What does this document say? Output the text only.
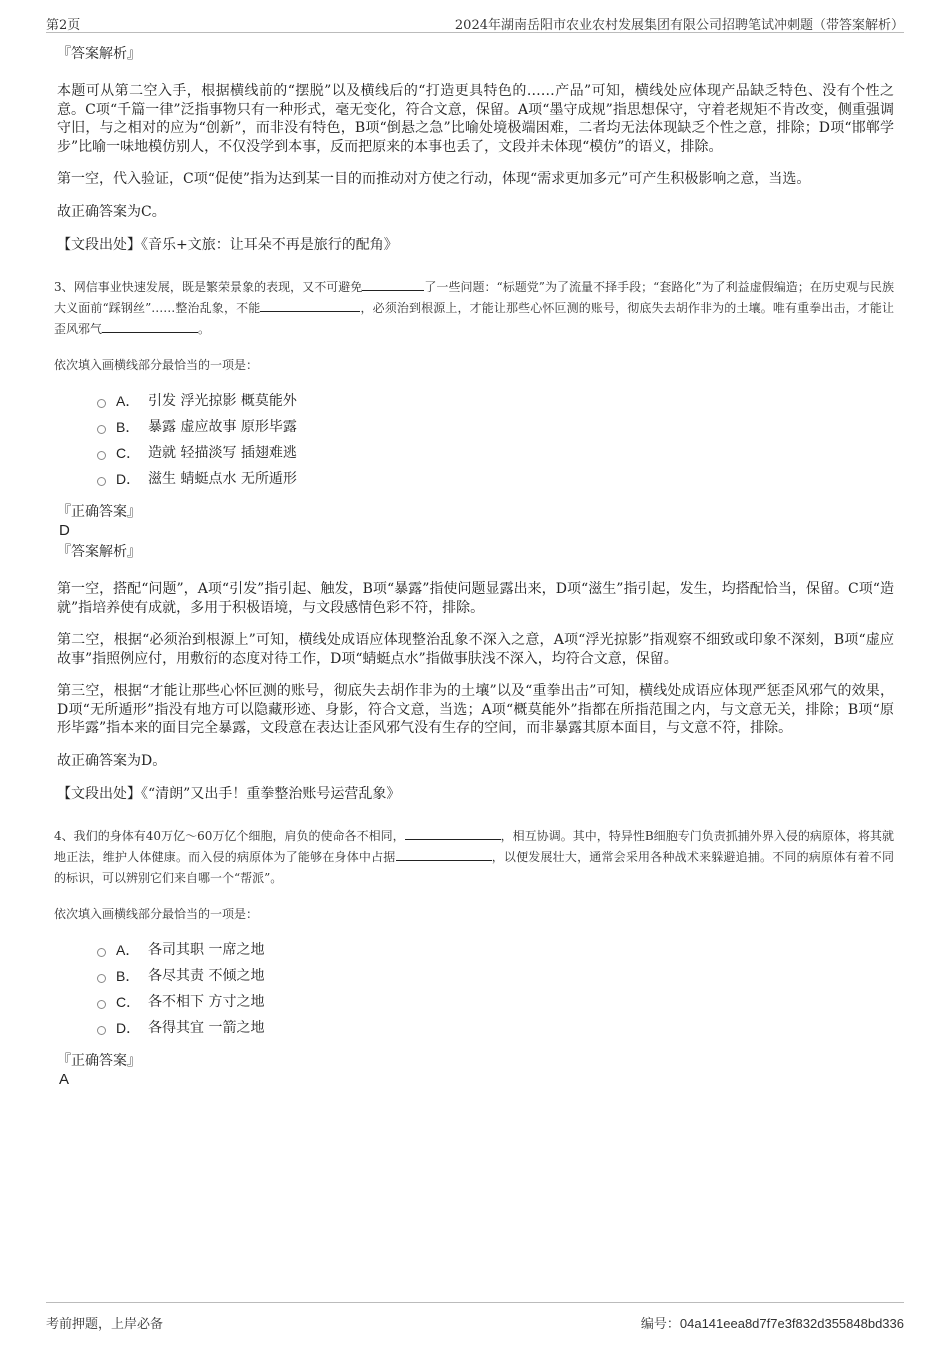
第2页	2024年湖南岳阳市农业农村发展集团有限公司招聘笔试冲刺题（带答案解析）
『答案解析』

本题可从第二空入手，根据横线前的“摆脱”以及横线后的“打造更具特色的……产品”可知，横线处应体现产品缺乏特色、没有个性之意。C项“千篇一律”泛指事物只有一种形式，毫无变化，符合文意，保留。A项“墨守成规”指思想保守，守着老规矩不肯改变，侧重强调守旧，与之相对的应为“创新”，而非没有特色，B项“倒悬之急”比喻处境极端困难，二者均无法体现缺乏个性之意，排除；D项“邯郸学步”比喻一味地模仿别人，不仅没学到本事，反而把原来的本事也丢了，文段并未体现“模仿”的语义，排除。

第一空，代入验证，C项“促使”指为达到某一目的而推动对方使之行动，体现“需求更加多元”可产生积极影响之意，当选。

故正确答案为C。

【文段出处】《音乐+文旅：让耳朵不再是旅行的配角》
3、网信事业快速发展，既是繁荣景象的表现，又不可避免	了一些问题：“标题党”为了流量不择手段；“套路化”为了利益虚假编造；在历史观与民族大义面前“踩钢丝”……整治乱象，不能	，必须治到根源上，才能让那些心怀叵测的账号，彻底失去胡作非为的土壤。唯有重拳出击，才能让歪风邪气	。
依次填入画横线部分最恰当的一项是：
A． 引发 浮光掠影 概莫能外
B． 暴露 虚应故事 原形毕露
C． 造就 轻描淡写 插翅难逃
D． 滋生 蜻蜓点水 无所遁形
『正确答案』
D
『答案解析』

第一空，搭配“问题”，A项“引发”指引起、触发，B项“暴露”指使问题显露出来，D项“滋生”指引起，发生，均搭配恰当，保留。C项“造就”指培养使有成就，多用于积极语境，与文段感情色彩不符，排除。

第二空，根据“必须治到根源上”可知，横线处成语应体现整治乱象不深入之意，A项“浮光掠影”指观察不细致或印象不深刻，B项“虚应故事”指照例应付，用敷衍的态度对待工作，D项“蜻蜓点水”指做事肤浅不深入，均符合文意，保留。

第三空，根据“才能让那些心怀叵测的账号，彻底失去胡作非为的土壤”以及“重拳出击”可知，横线处成语应体现严惩歪风邪气的效果，D项“无所遁形”指没有地方可以隐藏形迹、身影，符合文意，当选；A项“概莫能外”指都在所指范围之内，与文意无关，排除；B项“原形毕露”指本来的面目完全暴露，文段意在表达让歪风邪气没有生存的空间，而非暴露其原本面目，与文意不符，排除。

故正确答案为D。

【文段出处】《“清朗”又出手！重拳整治账号运营乱象》
4、我们的身体有40万亿～60万亿个细胞，肩负的使命各不相同，	，相互协调。其中，特异性B细胞专门负责抓捕外界入侵的病原体，将其就地正法，维护人体健康。而入侵的病原体为了能够在身体中占据	，以便发展壮大，通常会采用各种战术来躲避追捕。不同的病原体有着不同的标识，可以辨别它们来自哪一个“帮派”。
依次填入画横线部分最恰当的一项是：
A． 各司其职 一席之地
B． 各尽其责 不倾之地
C． 各不相下 方寸之地
D． 各得其宜 一箭之地
『正确答案』
A
考前押题，上岸必备	编号：04a141eea8d7f7e3f832d355848bd336
